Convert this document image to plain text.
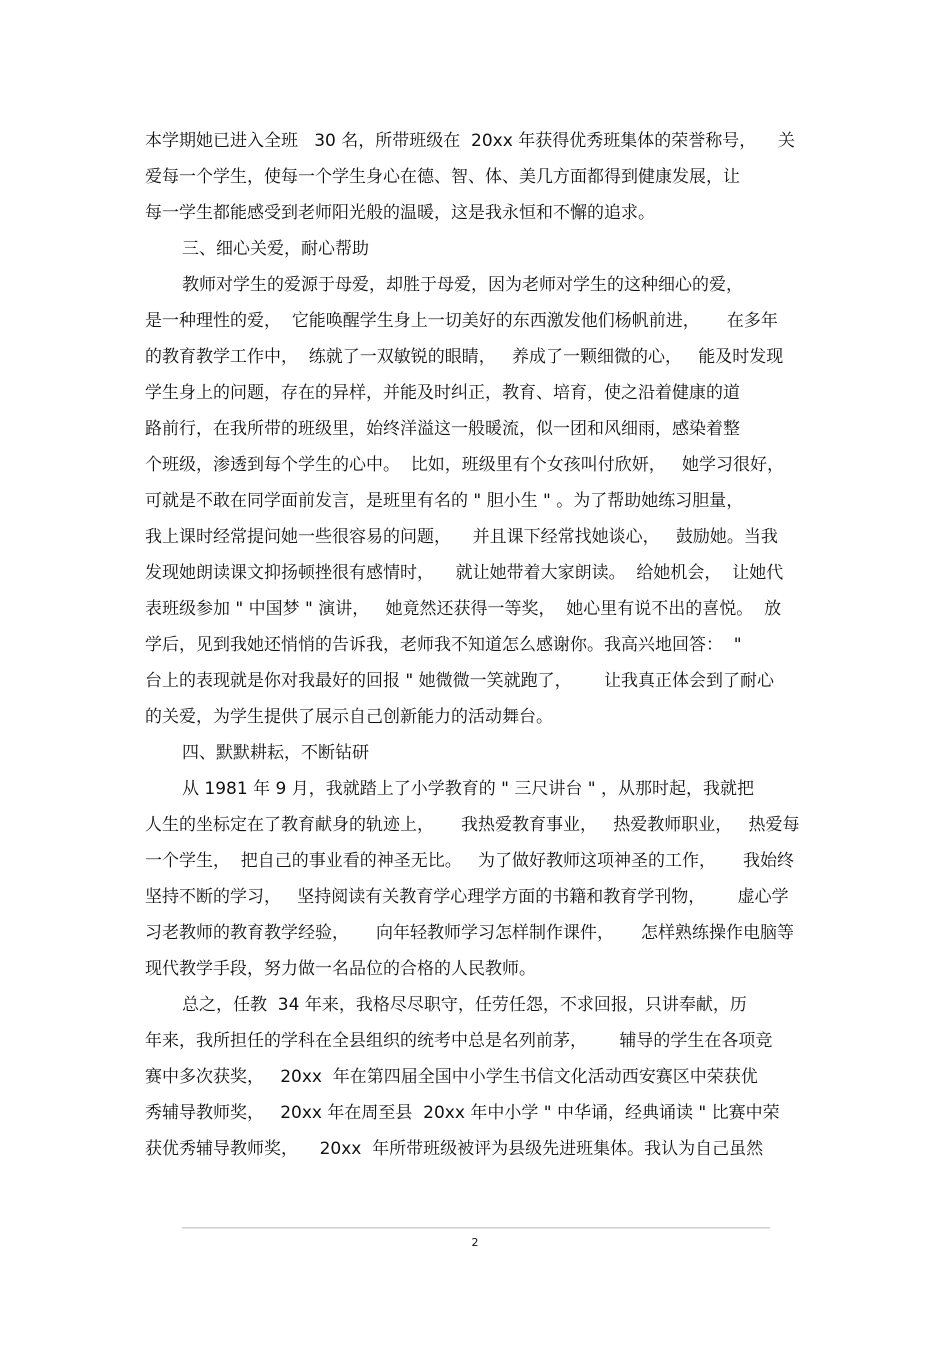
本学期她已进入全班   30 名，所带班级在  20xx 年获得优秀班集体的荣誉称号，    关
爱每一个学生，使每一个学生身心在德、智、体、美几方面都得到健康发展，让
每一学生都能感受到老师阳光般的温暖，这是我永恒和不懈的追求。
三、细心关爱，耐心帮助
教师对学生的爱源于母爱，却胜于母爱，因为老师对学生的这种细心的爱，
是一种理性的爱，  它能唤醒学生身上一切美好的东西激发他们杨帆前进，     在多年
的教育教学工作中，  练就了一双敏锐的眼睛，   养成了一颗细微的心，   能及时发现
学生身上的问题，存在的异样，并能及时纠正，教育、培育，使之沿着健康的道
路前行，在我所带的班级里，始终洋溢这一般暖流，似一团和风细雨，感染着整
个班级，渗透到每个学生的心中。  比如，班级里有个女孩叫付欣妍，   她学习很好，
可就是不敢在同学面前发言，是班里有名的 " 胆小生 " 。为了帮助她练习胆量，
我上课时经常提问她一些很容易的问题，    并且课下经常找她谈心，   鼓励她。当我
发现她朗读课文抑扬顿挫很有感情时，    就让她带着大家朗读。  给她机会，  让她代
表班级参加 " 中国梦 " 演讲，   她竟然还获得一等奖，  她心里有说不出的喜悦。  放
学后，见到我她还悄悄的告诉我，老师我不知道怎么感谢你。我高兴地回答：  "
台上的表现就是你对我最好的回报 " 她微微一笑就跑了，      让我真正体会到了耐心
的关爱，为学生提供了展示自己创新能力的活动舞台。
四、默默耕耘，不断钻研
从 1981 年 9 月，我就踏上了小学教育的 " 三尺讲台 " ，从那时起，我就把
人生的坐标定在了教育献身的轨迹上，     我热爱教育事业，   热爱教师职业，   热爱每
一个学生，  把自己的事业看的神圣无比。   为了做好教师这项神圣的工作，     我始终
坚持不断的学习，   坚持阅读有关教育学心理学方面的书籍和教育学刊物，      虚心学
习老教师的教育教学经验，     向年轻教师学习怎样制作课件，     怎样熟练操作电脑等
现代教学手段，努力做一名品位的合格的人民教师。
总之，任教  34 年来，我格尽尽职守，任劳任怨，不求回报，只讲奉献，历
年来，我所担任的学科在全县组织的统考中总是名列前茅，      辅导的学生在各项竞
赛中多次获奖，   20xx  年在第四届全国中小学生书信文化活动西安赛区中荣获优
秀辅导教师奖，   20xx 年在周至县  20xx 年中小学 " 中华诵，经典诵读 " 比赛中荣
获优秀辅导教师奖，    20xx  年所带班级被评为县级先进班集体。我认为自己虽然
2
